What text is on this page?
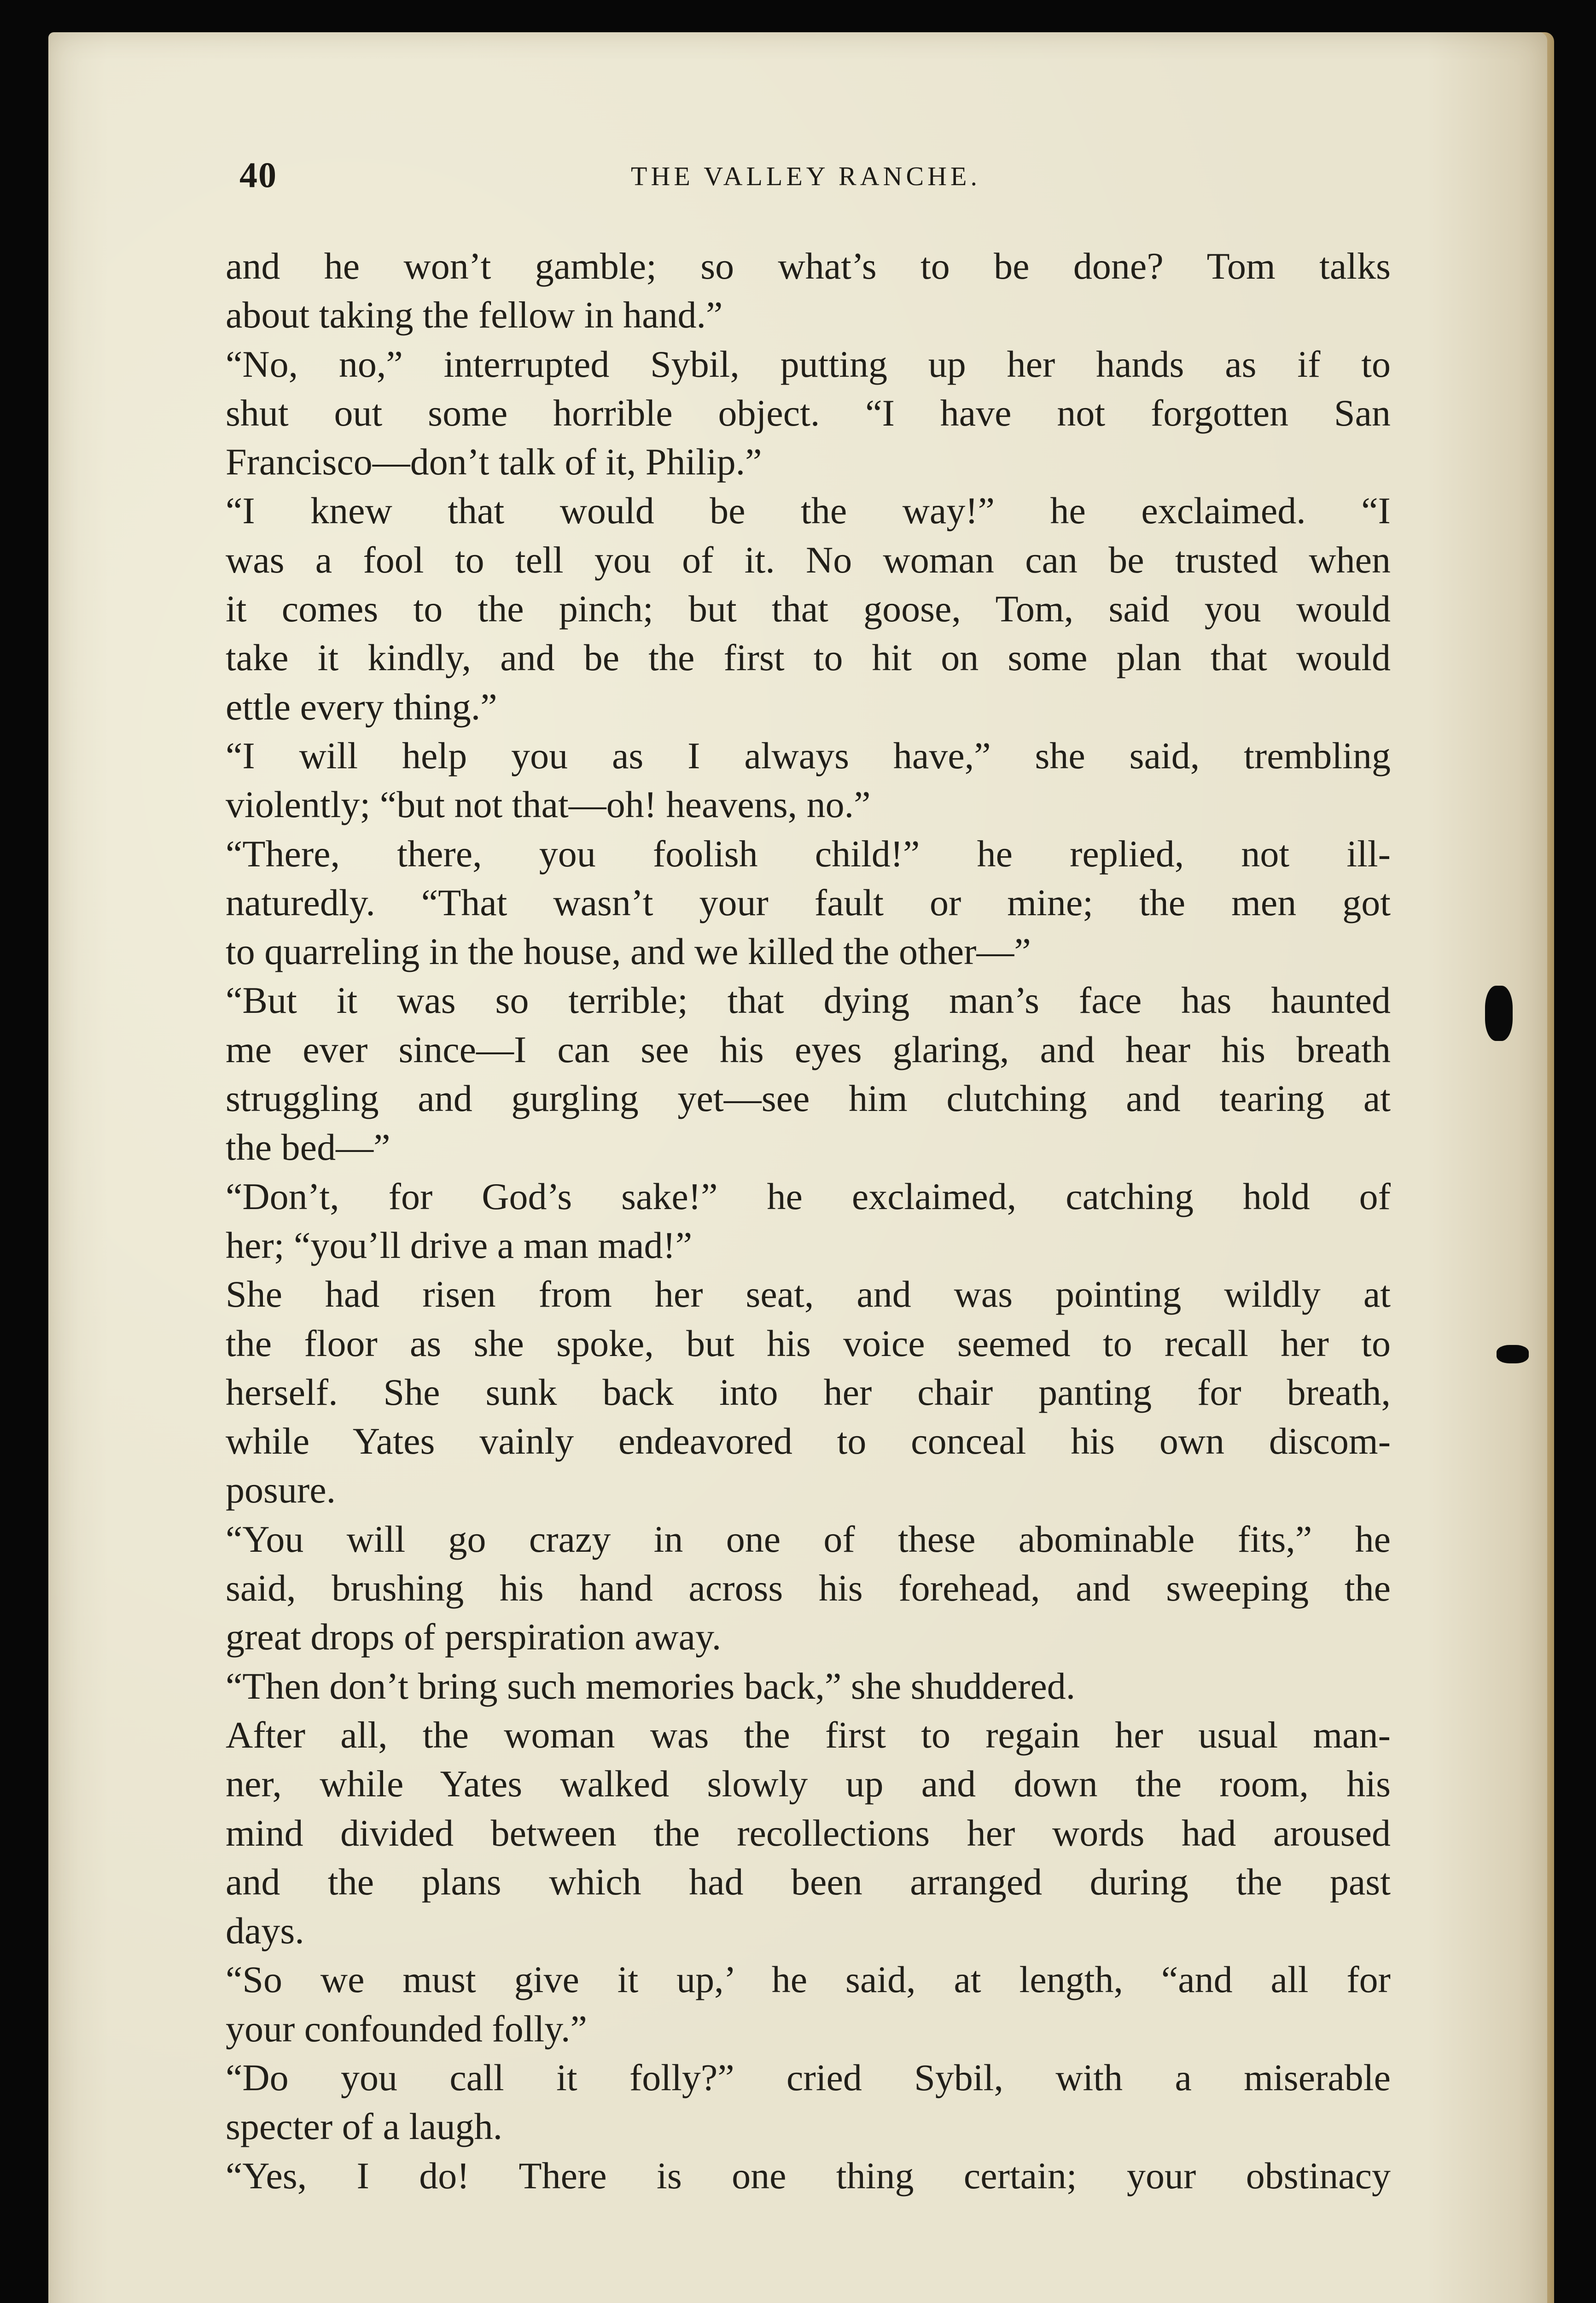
40	THE VALLEY RANCHE.
and he won’t gamble; so what’s to be done? Tom talks
about taking the fellow in hand.”
“No, no,” interrupted Sybil, putting up her hands as if to
shut out some horrible object. “I have not forgotten San
Francisco—don’t talk of it, Philip.”
“I knew that would be the way!” he exclaimed. “I
was a fool to tell you of it. No woman can be trusted when
it comes to the pinch; but that goose, Tom, said you would
take it kindly, and be the first to hit on some plan that would
ettle every thing.”
“I will help you as I always have,” she said, trembling
violently; “but not that—oh! heavens, no.”
“There, there, you foolish child!” he replied, not ill-
naturedly. “That wasn’t your fault or mine; the men got
to quarreling in the house, and we killed the other—”
“But it was so terrible; that dying man’s face has haunted
me ever since—I can see his eyes glaring, and hear his breath
struggling and gurgling yet—see him clutching and tearing at
the bed—”
“Don’t, for God’s sake!” he exclaimed, catching hold of
her; “you’ll drive a man mad!”
She had risen from her seat, and was pointing wildly at
the floor as she spoke, but his voice seemed to recall her to
herself. She sunk back into her chair panting for breath,
while Yates vainly endeavored to conceal his own discom-
posure.
“You will go crazy in one of these abominable fits,” he
said, brushing his hand across his forehead, and sweeping the
great drops of perspiration away.
“Then don’t bring such memories back,” she shuddered.
After all, the woman was the first to regain her usual man-
ner, while Yates walked slowly up and down the room, his
mind divided between the recollections her words had aroused
and the plans which had been arranged during the past
days.
“So we must give it up,’ he said, at length, “and all for
your confounded folly.”
“Do you call it folly?” cried Sybil, with a miserable
specter of a laugh.
“Yes, I do! There is one thing certain; your obstinacy
